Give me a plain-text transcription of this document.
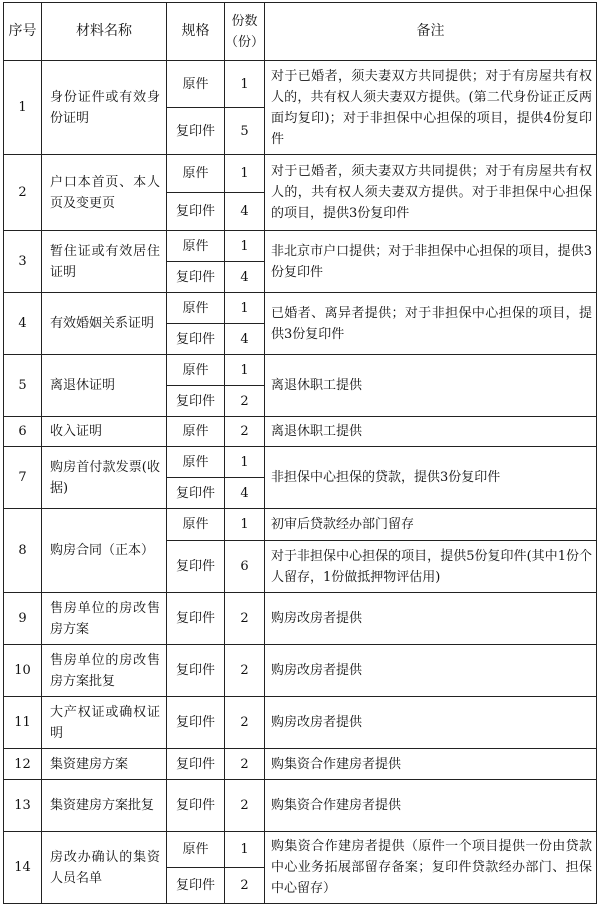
序号	材料名称	规格	份数（份）	备注
1	身份证件或有效身份证明	原件	1	对于已婚者，须夫妻双方共同提供；对于有房屋共有权人的，共有权人须夫妻双方提供。(第二代身份证正反两面均复印)；对于非担保中心担保的项目，提供4份复印件
		复印件	5	
2	户口本首页、本人页及变更页	原件	1	对于已婚者，须夫妻双方共同提供；对于有房屋共有权人的，共有权人须夫妻双方提供。对于非担保中心担保的项目，提供3份复印件
		复印件	4	
3	暂住证或有效居住证明	原件	1	非北京市户口提供；对于非担保中心担保的项目，提供3份复印件
		复印件	4	
4	有效婚姻关系证明	原件	1	已婚者、离异者提供；对于非担保中心担保的项目，提供3份复印件
		复印件	4	
5	离退休证明	原件	1	离退休职工提供
		复印件	2	
6	收入证明	原件	2	离退休职工提供
7	购房首付款发票(收据)	原件	1	非担保中心担保的贷款，提供3份复印件
		复印件	4	
8	购房合同（正本）	原件	1	初审后贷款经办部门留存
		复印件	6	对于非担保中心担保的项目，提供5份复印件(其中1份个人留存，1份做抵押物评估用)
9	售房单位的房改售房方案	复印件	2	购房改房者提供
10	售房单位的房改售房方案批复	复印件	2	购房改房者提供
11	大产权证或确权证明	复印件	2	购房改房者提供
12	集资建房方案	复印件	2	购集资合作建房者提供
13	集资建房方案批复	复印件	2	购集资合作建房者提供
14	房改办确认的集资人员名单	原件	1	购集资合作建房者提供（原件一个项目提供一份由贷款中心业务拓展部留存备案；复印件贷款经办部门、担保中心留存）
		复印件	2	
